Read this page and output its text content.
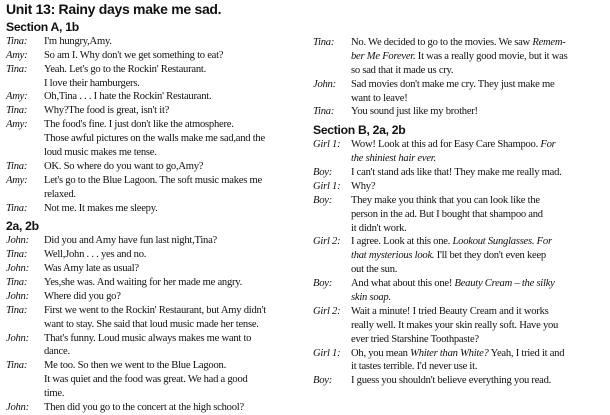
Unit 13: Rainy days make me sad.
Section A, 1b
Tina: I'm hungry,Amy.
Amy: So am I. Why don't we get something to eat?
Tina: Yeah. Let's go to the Rockin' Restaurant.
I love their hamburgers.
Amy: Oh,Tina . . . I hate the Rockin' Restaurant.
Tina: Why?The food is great, isn't it?
Amy: The food's fine. I just don't like the atmosphere.
Those awful pictures on the walls make me sad,and the
loud music makes me tense.
Tina: OK. So where do you want to go,Amy?
Amy: Let's go to the Blue Lagoon. The soft music makes me
relaxed.
Tina: Not me. It makes me sleepy.
2a, 2b
John: Did you and Amy have fun last night,Tina?
Tina: Well,John . . . yes and no.
John: Was Amy late as usual?
Tina: Yes,she was. And waiting for her made me angry.
John: Where did you go?
Tina: First we went to the Rockin' Restaurant, but Amy didn't
want to stay. She said that loud music made her tense.
John: That's funny. Loud music always makes me want to
dance.
Tina: Me too. So then we went to the Blue Lagoon.
It was quiet and the food was great. We had a good
time.
John: Then did you go to the concert at the high school?
Tina: No. We decided to go to the movies. We saw Remem-
ber Me Forever. It was a really good movie, but it was
so sad that it made us cry.
John: Sad movies don't make me cry. They just make me
want to leave!
Tina: You sound just like my brother!
Section B, 2a, 2b
Girl 1: Wow! Look at this ad for Easy Care Shampoo. For
the shiniest hair ever.
Boy: I can't stand ads like that! They make me really mad.
Girl 1: Why?
Boy: They make you think that you can look like the
person in the ad. But I bought that shampoo and
it didn't work.
Girl 2: I agree. Look at this one. Lookout Sunglasses. For
that mysterious look. I'll bet they don't even keep
out the sun.
Boy: And what about this one! Beauty Cream – the silky
skin soap.
Girl 2: Wait a minute! I tried Beauty Cream and it works
really well. It makes your skin really soft. Have you
ever tried Starshine Toothpaste?
Girl 1: Oh, you mean Whiter than White? Yeah, I tried it and
it tastes terrible. I'd never use it.
Boy: I guess you shouldn't believe everything you read.
